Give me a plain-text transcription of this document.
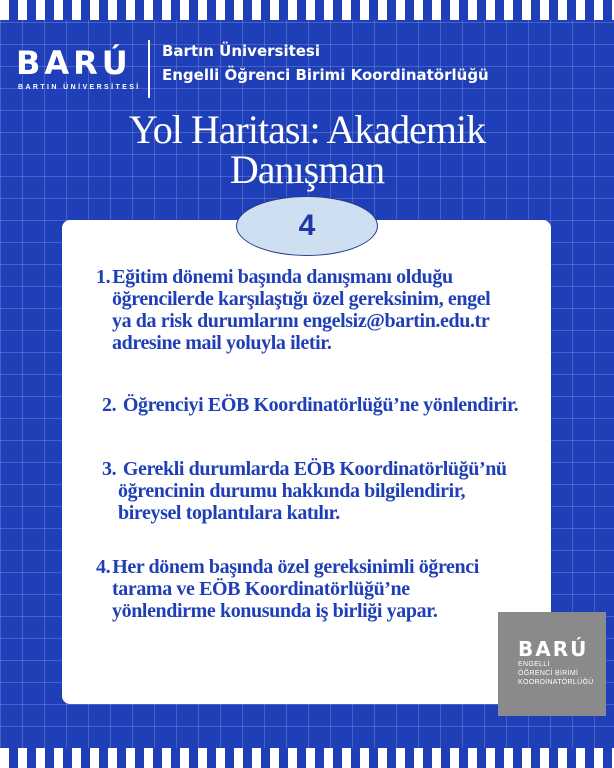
BARÚ
BARTIN ÜNİVERSİTESİ
Bartın Üniversitesi
Engelli Öğrenci Birimi Koordinatörlüğü
Yol Haritası: Akademik
Danışman
4
1. Eğitim dönemi başında danışmanı olduğu
öğrencilerde karşılaştığı özel gereksinim, engel
ya da risk durumlarını engelsiz@bartin.edu.tr
adresine mail yoluyla iletir.
2. Öğrenciyi EÖB Koordinatörlüğü’ne yönlendirir.
3. Gerekli durumlarda EÖB Koordinatörlüğü’nü
öğrencinin durumu hakkında bilgilendirir,
bireysel toplantılara katılır.
4. Her dönem başında özel gereksinimli öğrenci
tarama ve EÖB Koordinatörlüğü’ne
yönlendirme konusunda iş birliği yapar.
BARÚ
ENGELLİ
ÖĞRENCİ BİRİMİ
KOORDİNATÖRLÜĞÜ
